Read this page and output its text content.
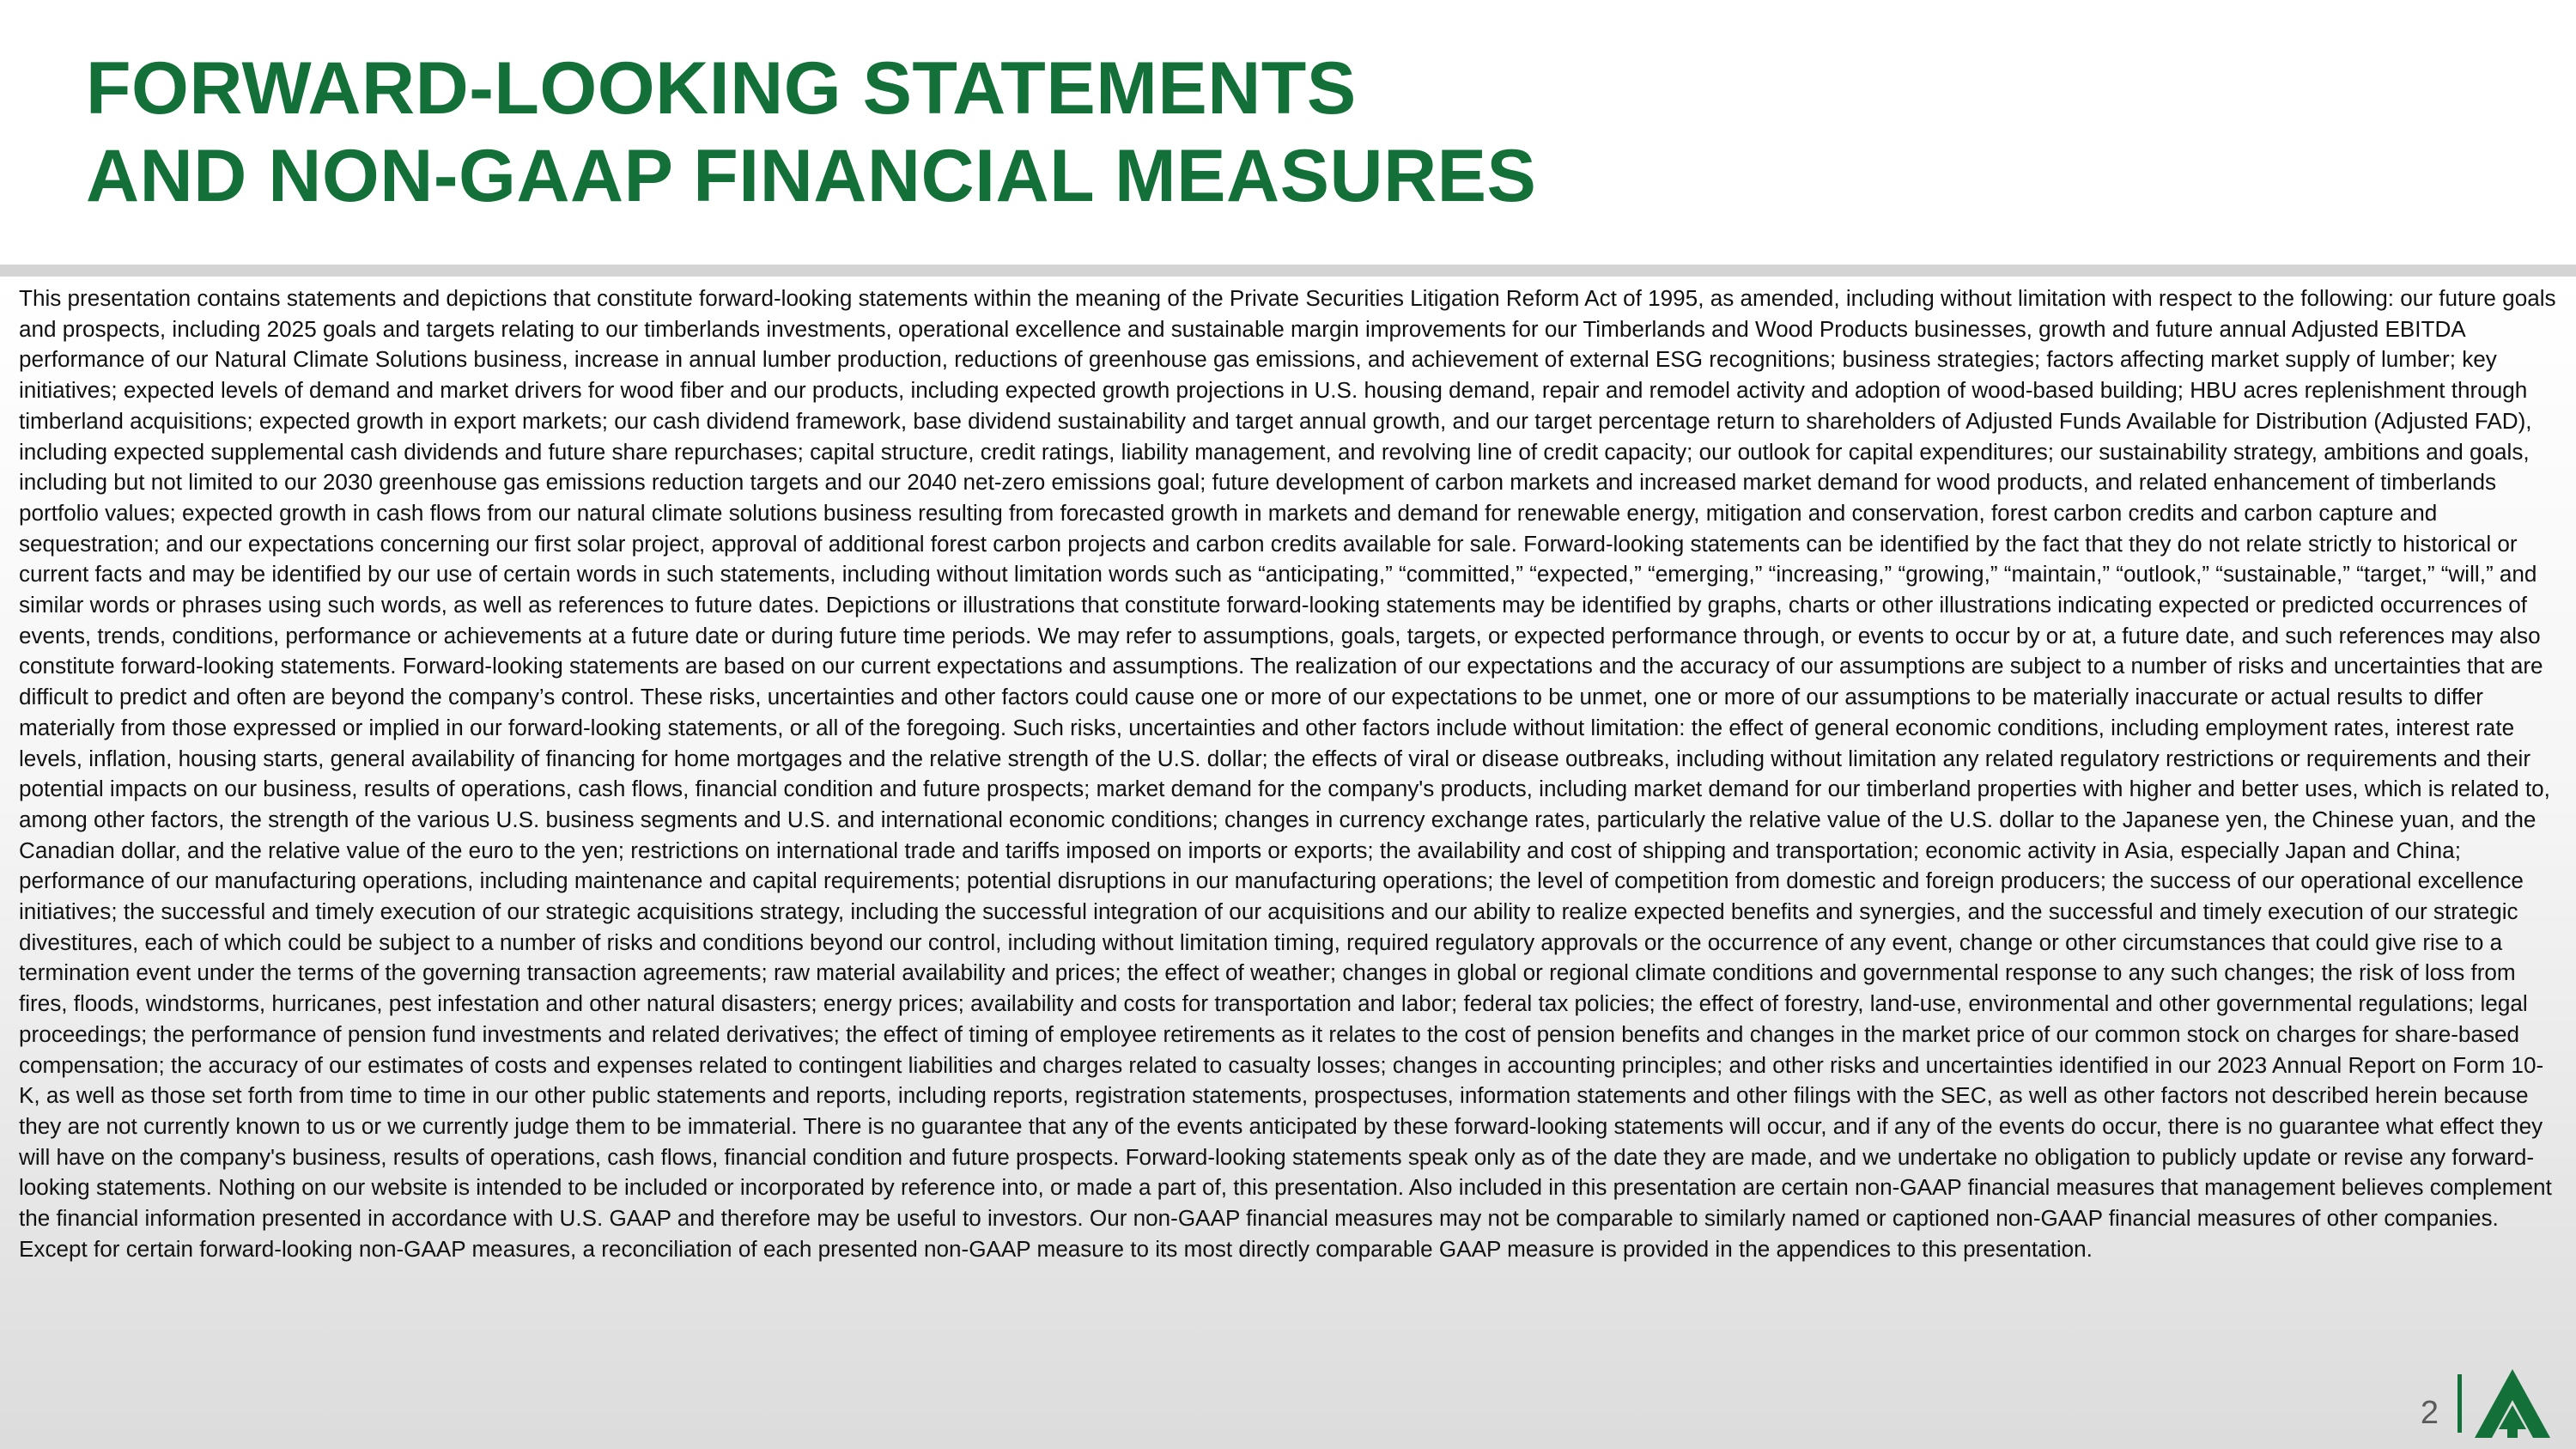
FORWARD-LOOKING STATEMENTS
AND NON-GAAP FINANCIAL MEASURES

This presentation contains statements and depictions that constitute forward-looking statements within the meaning of the Private Securities Litigation Reform Act of 1995, as amended, including without limitation with respect to the following: our future goals and prospects, including 2025 goals and targets relating to our timberlands investments, operational excellence and sustainable margin improvements for our Timberlands and Wood Products businesses, growth and future annual Adjusted EBITDA performance of our Natural Climate Solutions business, increase in annual lumber production, reductions of greenhouse gas emissions, and achievement of external ESG recognitions; business strategies; factors affecting market supply of lumber; key initiatives; expected levels of demand and market drivers for wood fiber and our products, including expected growth projections in U.S. housing demand, repair and remodel activity and adoption of wood-based building; HBU acres replenishment through timberland acquisitions; expected growth in export markets; our cash dividend framework, base dividend sustainability and target annual growth, and our target percentage return to shareholders of Adjusted Funds Available for Distribution (Adjusted FAD), including expected supplemental cash dividends and future share repurchases; capital structure, credit ratings, liability management, and revolving line of credit capacity; our outlook for capital expenditures; our sustainability strategy, ambitions and goals, including but not limited to our 2030 greenhouse gas emissions reduction targets and our 2040 net-zero emissions goal; future development of carbon markets and increased market demand for wood products, and related enhancement of timberlands portfolio values; expected growth in cash flows from our natural climate solutions business resulting from forecasted growth in markets and demand for renewable energy, mitigation and conservation, forest carbon credits and carbon capture and sequestration; and our expectations concerning our first solar project, approval of additional forest carbon projects and carbon credits available for sale. Forward-looking statements can be identified by the fact that they do not relate strictly to historical or current facts and may be identified by our use of certain words in such statements, including without limitation words such as “anticipating,” “committed,” “expected,” “emerging,” “increasing,” “growing,” “maintain,” “outlook,” “sustainable,” “target,” “will,” and similar words or phrases using such words, as well as references to future dates. Depictions or illustrations that constitute forward-looking statements may be identified by graphs, charts or other illustrations indicating expected or predicted occurrences of events, trends, conditions, performance or achievements at a future date or during future time periods. We may refer to assumptions, goals, targets, or expected performance through, or events to occur by or at, a future date, and such references may also constitute forward-looking statements. Forward-looking statements are based on our current expectations and assumptions. The realization of our expectations and the accuracy of our assumptions are subject to a number of risks and uncertainties that are difficult to predict and often are beyond the company’s control. These risks, uncertainties and other factors could cause one or more of our expectations to be unmet, one or more of our assumptions to be materially inaccurate or actual results to differ materially from those expressed or implied in our forward-looking statements, or all of the foregoing. Such risks, uncertainties and other factors include without limitation: the effect of general economic conditions, including employment rates, interest rate levels, inflation, housing starts, general availability of financing for home mortgages and the relative strength of the U.S. dollar; the effects of viral or disease outbreaks, including without limitation any related regulatory restrictions or requirements and their potential impacts on our business, results of operations, cash flows, financial condition and future prospects; market demand for the company's products, including market demand for our timberland properties with higher and better uses, which is related to, among other factors, the strength of the various U.S. business segments and U.S. and international economic conditions; changes in currency exchange rates, particularly the relative value of the U.S. dollar to the Japanese yen, the Chinese yuan, and the Canadian dollar, and the relative value of the euro to the yen; restrictions on international trade and tariffs imposed on imports or exports; the availability and cost of shipping and transportation; economic activity in Asia, especially Japan and China; performance of our manufacturing operations, including maintenance and capital requirements; potential disruptions in our manufacturing operations; the level of competition from domestic and foreign producers; the success of our operational excellence initiatives; the successful and timely execution of our strategic acquisitions strategy, including the successful integration of our acquisitions and our ability to realize expected benefits and synergies, and the successful and timely execution of our strategic divestitures, each of which could be subject to a number of risks and conditions beyond our control, including without limitation timing, required regulatory approvals or the occurrence of any event, change or other circumstances that could give rise to a termination event under the terms of the governing transaction agreements; raw material availability and prices; the effect of weather; changes in global or regional climate conditions and governmental response to any such changes; the risk of loss from fires, floods, windstorms, hurricanes, pest infestation and other natural disasters; energy prices; availability and costs for transportation and labor; federal tax policies; the effect of forestry, land-use, environmental and other governmental regulations; legal proceedings; the performance of pension fund investments and related derivatives; the effect of timing of employee retirements as it relates to the cost of pension benefits and changes in the market price of our common stock on charges for share-based compensation; the accuracy of our estimates of costs and expenses related to contingent liabilities and charges related to casualty losses; changes in accounting principles; and other risks and uncertainties identified in our 2023 Annual Report on Form 10-K, as well as those set forth from time to time in our other public statements and reports, including reports, registration statements, prospectuses, information statements and other filings with the SEC, as well as other factors not described herein because they are not currently known to us or we currently judge them to be immaterial. There is no guarantee that any of the events anticipated by these forward-looking statements will occur, and if any of the events do occur, there is no guarantee what effect they will have on the company's business, results of operations, cash flows, financial condition and future prospects. Forward-looking statements speak only as of the date they are made, and we undertake no obligation to publicly update or revise any forward-looking statements. Nothing on our website is intended to be included or incorporated by reference into, or made a part of, this presentation. Also included in this presentation are certain non-GAAP financial measures that management believes complement the financial information presented in accordance with U.S. GAAP and therefore may be useful to investors. Our non-GAAP financial measures may not be comparable to similarly named or captioned non-GAAP financial measures of other companies. Except for certain forward-looking non-GAAP measures, a reconciliation of each presented non-GAAP measure to its most directly comparable GAAP measure is provided in the appendices to this presentation.

2
